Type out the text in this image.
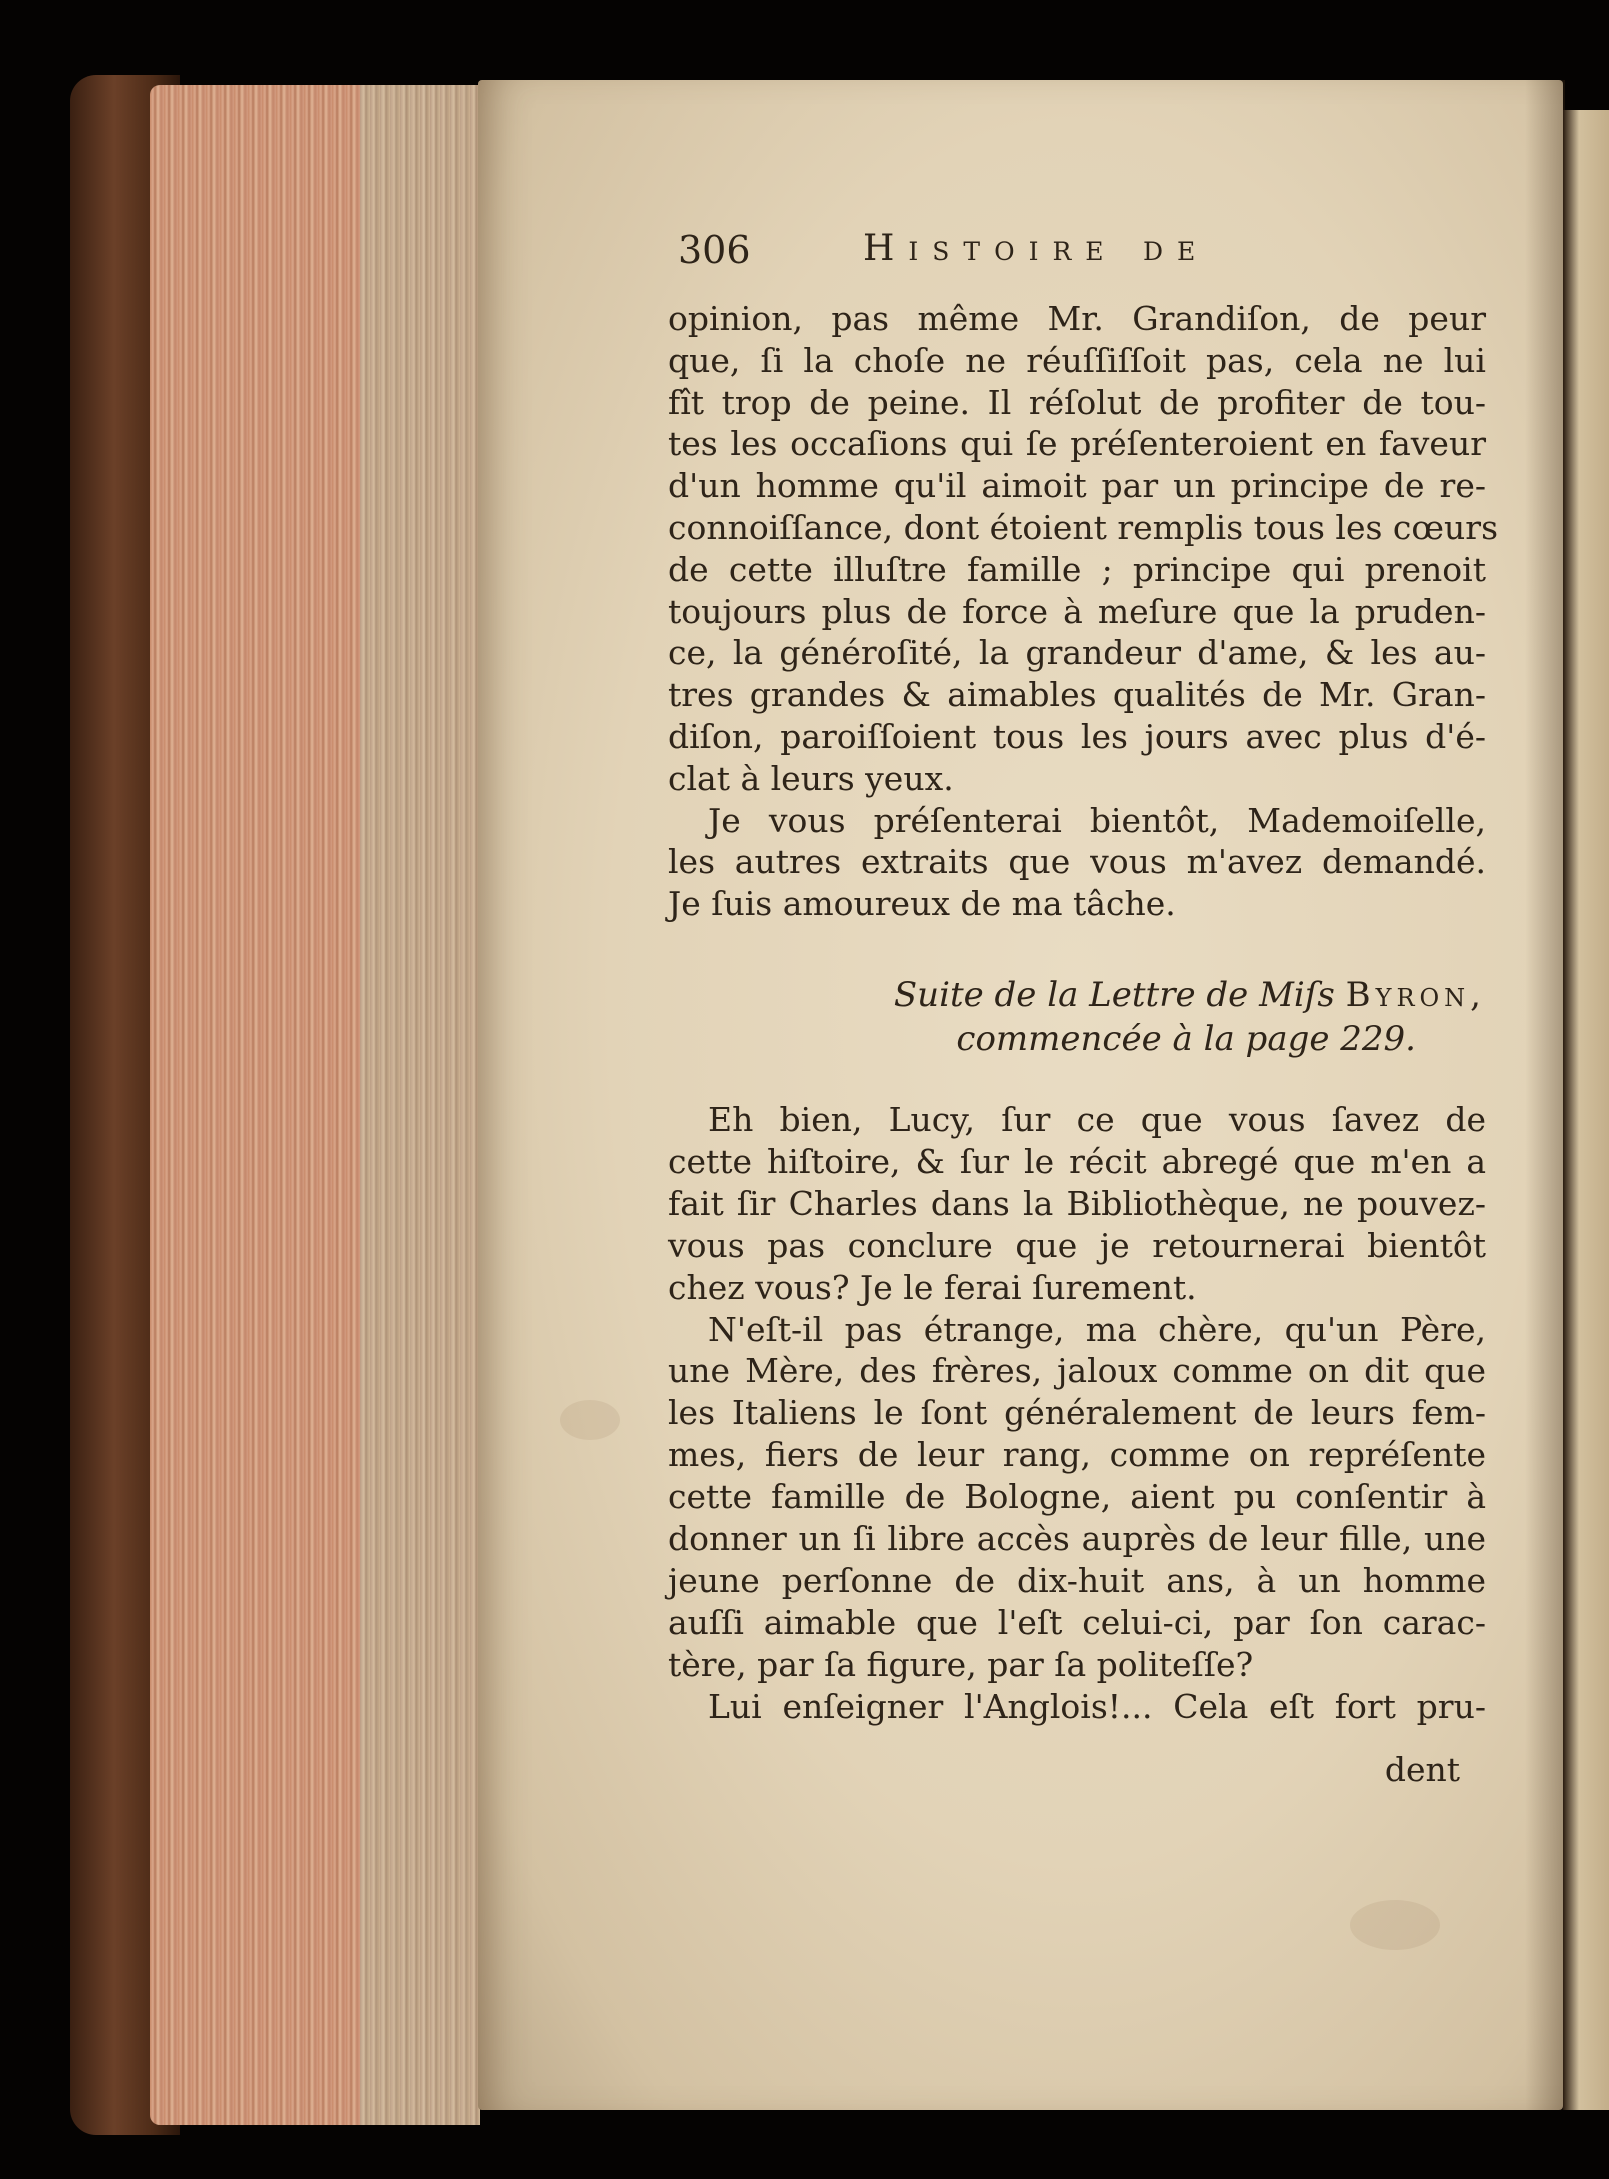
306	Histoire de
opinion, pas même Mr. Grandiſon, de peur
que, ſi la choſe ne réuſſiſſoit pas, cela ne lui
fît trop de peine. Il réſolut de profiter de tou-
tes les occaſions qui ſe préſenteroient en faveur
d'un homme qu'il aimoit par un principe de re-
connoiſſance, dont étoient remplis tous les cœurs
de cette illuſtre famille ; principe qui prenoit
toujours plus de force à meſure que la pruden-
ce, la généroſité, la grandeur d'ame, & les au-
tres grandes & aimables qualités de Mr. Gran-
diſon, paroiſſoient tous les jours avec plus d'é-
clat à leurs yeux.
Je vous préſenterai bientôt, Mademoiſelle,
les autres extraits que vous m'avez demandé.
Je ſuis amoureux de ma tâche.
Suite de la Lettre de Miſs Byron,
commencée à la page 229.
Eh bien, Lucy, ſur ce que vous ſavez de
cette hiſtoire, & ſur le récit abregé que m'en a
fait ſir Charles dans la Bibliothèque, ne pouvez-
vous pas conclure que je retournerai bientôt
chez vous? Je le ferai ſurement.
N'eſt-il pas étrange, ma chère, qu'un Père,
une Mère, des frères, jaloux comme on dit que
les Italiens le ſont généralement de leurs fem-
mes, fiers de leur rang, comme on repréſente
cette famille de Bologne, aient pu conſentir à
donner un ſi libre accès auprès de leur fille, une
jeune perſonne de dix-huit ans, à un homme
auſſi aimable que l'eſt celui-ci, par ſon carac-
tère, par ſa figure, par ſa politeſſe?
Lui enſeigner l'Anglois!... Cela eſt fort pru-
dent
